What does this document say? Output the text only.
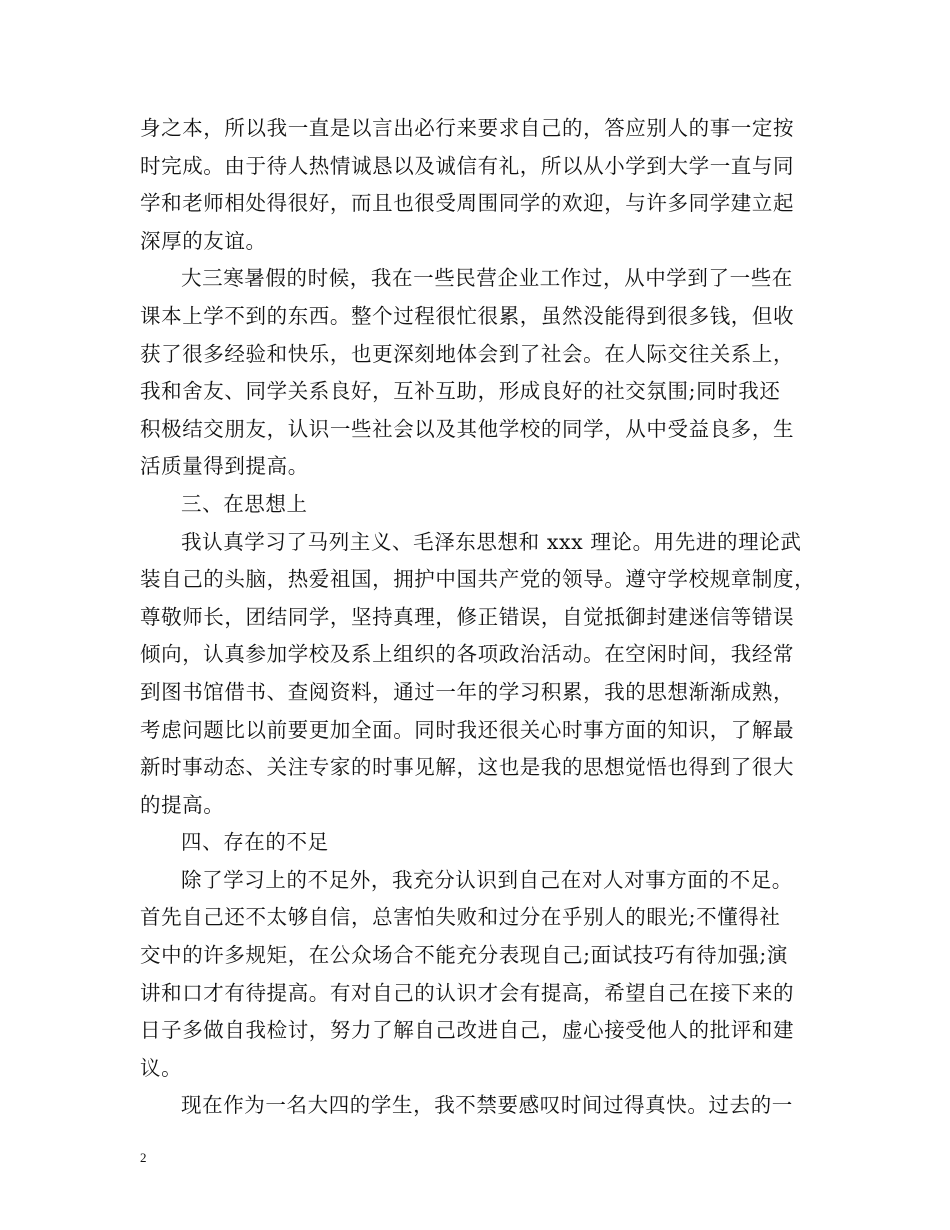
身之本，所以我一直是以言出必行来要求自己的，答应别人的事一定按
时完成。由于待人热情诚恳以及诚信有礼，所以从小学到大学一直与同
学和老师相处得很好，而且也很受周围同学的欢迎，与许多同学建立起
深厚的友谊。
大三寒暑假的时候，我在一些民营企业工作过，从中学到了一些在
课本上学不到的东西。整个过程很忙很累，虽然没能得到很多钱，但收
获了很多经验和快乐，也更深刻地体会到了社会。在人际交往关系上，
我和舍友、同学关系良好，互补互助，形成良好的社交氛围;同时我还
积极结交朋友，认识一些社会以及其他学校的同学，从中受益良多，生
活质量得到提高。
三、在思想上
我认真学习了马列主义、毛泽东思想和 xxx 理论。用先进的理论武
装自己的头脑，热爱祖国，拥护中国共产党的领导。遵守学校规章制度，
尊敬师长，团结同学，坚持真理，修正错误，自觉抵御封建迷信等错误
倾向，认真参加学校及系上组织的各项政治活动。在空闲时间，我经常
到图书馆借书、查阅资料，通过一年的学习积累，我的思想渐渐成熟，
考虑问题比以前要更加全面。同时我还很关心时事方面的知识，了解最
新时事动态、关注专家的时事见解，这也是我的思想觉悟也得到了很大
的提高。
四、存在的不足
除了学习上的不足外，我充分认识到自己在对人对事方面的不足。
首先自己还不太够自信，总害怕失败和过分在乎别人的眼光;不懂得社
交中的许多规矩，在公众场合不能充分表现自己;面试技巧有待加强;演
讲和口才有待提高。有对自己的认识才会有提高，希望自己在接下来的
日子多做自我检讨，努力了解自己改进自己，虚心接受他人的批评和建
议。
现在作为一名大四的学生，我不禁要感叹时间过得真快。过去的一
2
